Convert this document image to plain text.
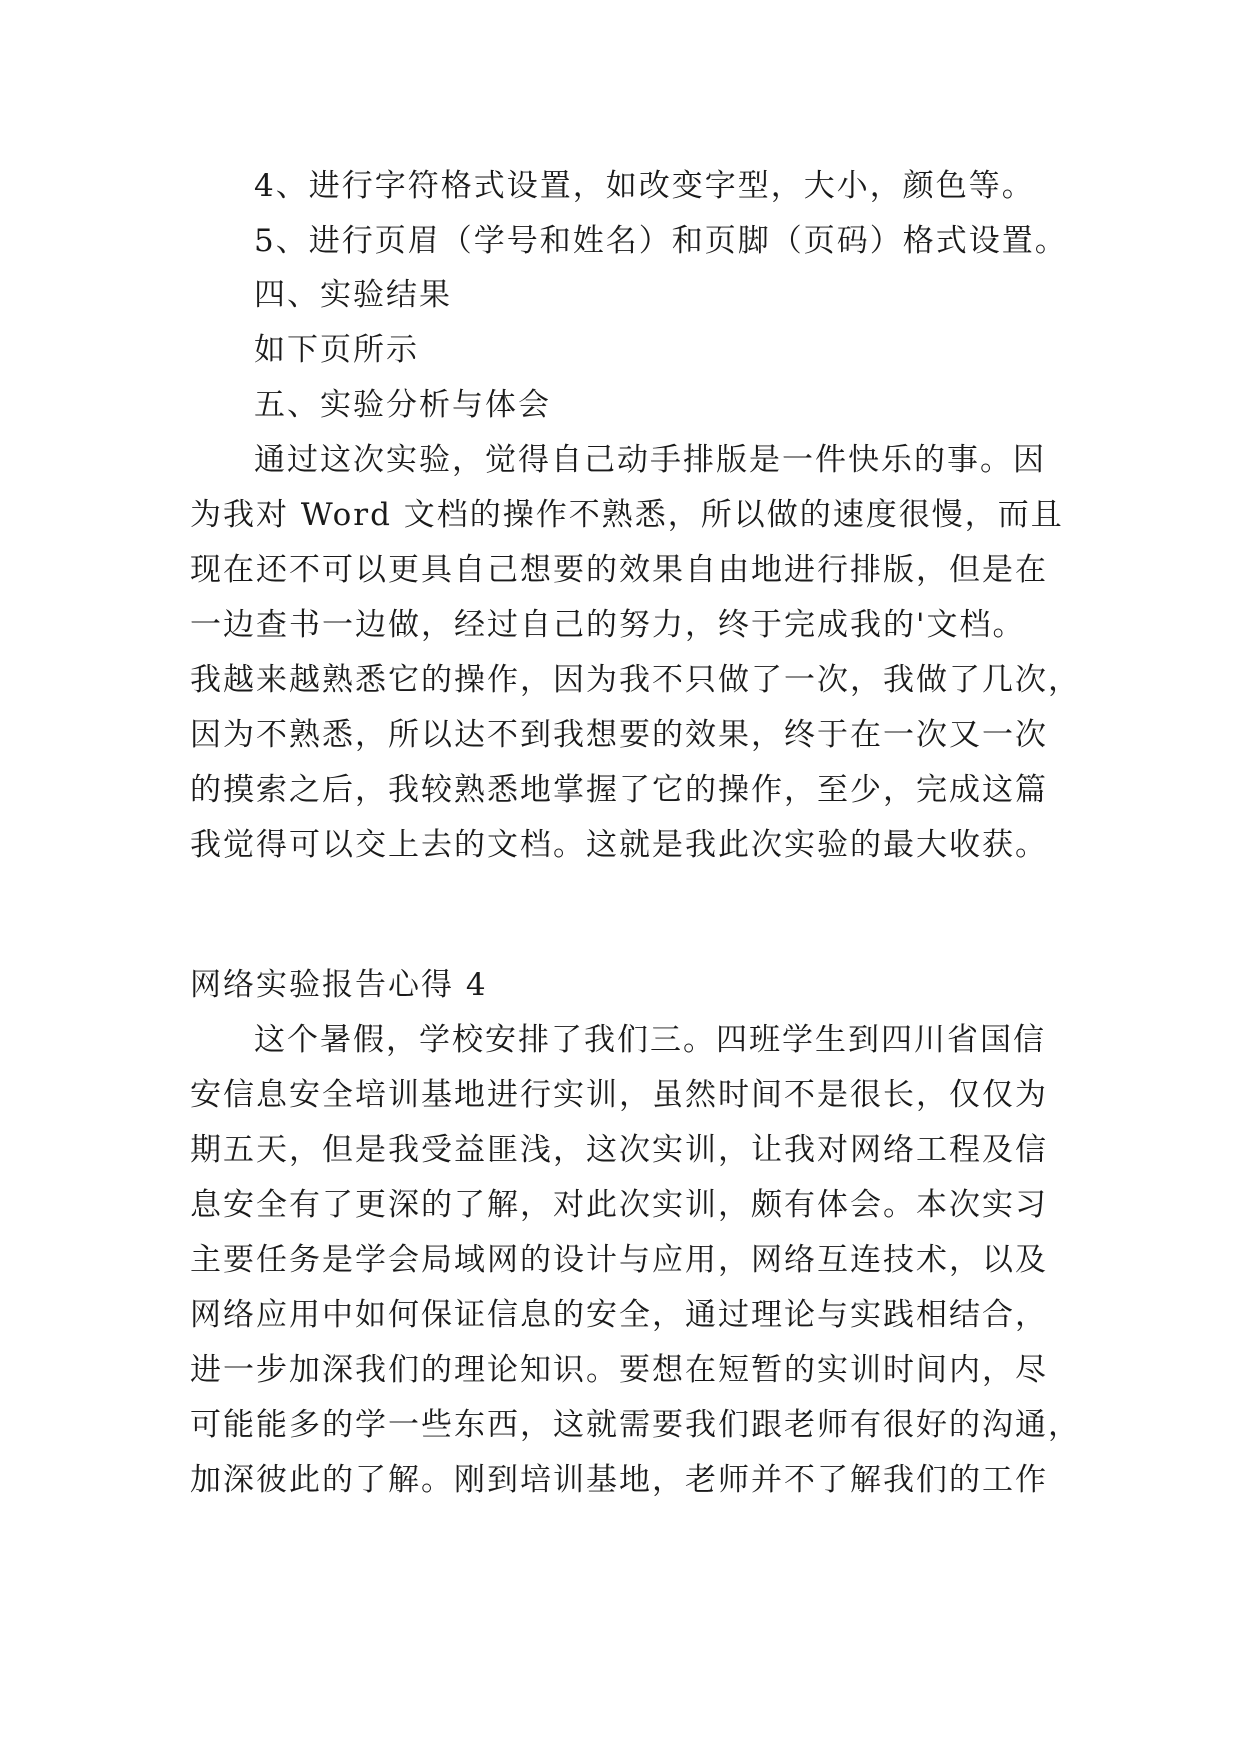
4、进行字符格式设置，如改变字型，大小，颜色等。
5、进行页眉（学号和姓名）和页脚（页码）格式设置。
四、实验结果
如下页所示
五、实验分析与体会
通过这次实验，觉得自己动手排版是一件快乐的事。因
为我对 Word 文档的操作不熟悉，所以做的速度很慢，而且
现在还不可以更具自己想要的效果自由地进行排版，但是在
一边查书一边做，经过自己的努力，终于完成我的'文档。
我越来越熟悉它的操作，因为我不只做了一次，我做了几次，
因为不熟悉，所以达不到我想要的效果，终于在一次又一次
的摸索之后，我较熟悉地掌握了它的操作，至少，完成这篇
我觉得可以交上去的文档。这就是我此次实验的最大收获。
网络实验报告心得 4
这个暑假，学校安排了我们三。四班学生到四川省国信
安信息安全培训基地进行实训，虽然时间不是很长，仅仅为
期五天，但是我受益匪浅，这次实训，让我对网络工程及信
息安全有了更深的了解，对此次实训，颇有体会。本次实习
主要任务是学会局域网的设计与应用，网络互连技术，以及
网络应用中如何保证信息的安全，通过理论与实践相结合，
进一步加深我们的理论知识。要想在短暂的实训时间内，尽
可能能多的学一些东西，这就需要我们跟老师有很好的沟通，
加深彼此的了解。刚到培训基地，老师并不了解我们的工作
